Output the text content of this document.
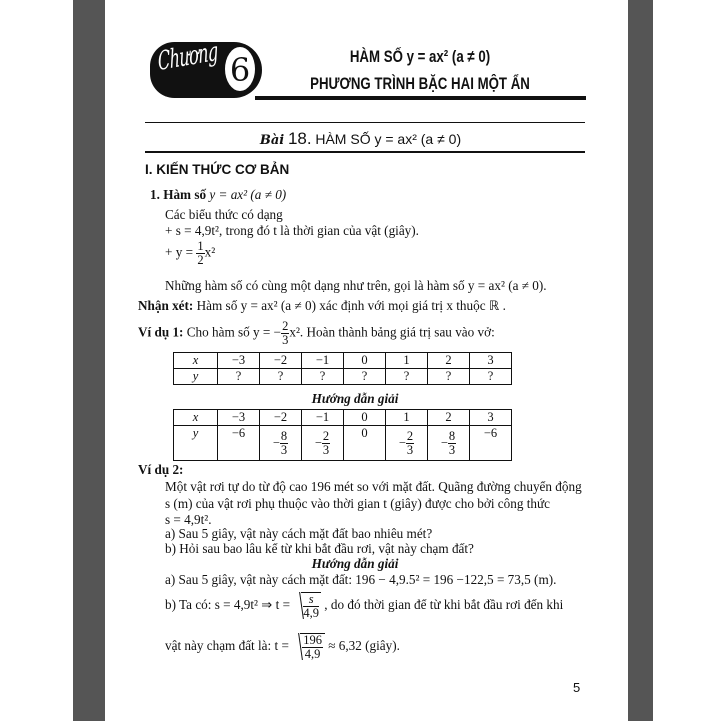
Chương 6	HÀM SỐ y = ax² (a ≠ 0)
PHƯƠNG TRÌNH BẶC HAI MỘT ẨN
Bài 18. HÀM SỐ y = ax² (a ≠ 0)
I. KIẾN THỨC CƠ BẢN
1. Hàm số y = ax² (a ≠ 0)
Các biểu thức có dạng
+ s = 4,9t², trong đó t là thời gian của vật (giây).
+ $y = \frac{1}{2} x^2$
Những hàm số có cùng một dạng như trên, gọi là hàm số y = ax² (a ≠ 0).
Nhận xét: Hàm số y = ax² (a ≠ 0) xác định với mọi giá trị x thuộc ℝ .
Ví dụ 1: Cho hàm số y = − $\frac{2}{3} x^2$. Hoàn thành bảng giá trị sau vào vở:
x	−3	−2	−1	0	1	2	3
y	?	?	?	?	?	?	?
Hướng dẫn giải
x	−3	−2	−1	0	1	2	3
y	−6	− $\frac{8}{3}$	− $\frac{2}{3}$	0	− $\frac{2}{3}$	− $\frac{8}{3}$	−6
Ví dụ 2:
Một vật rơi tự do từ độ cao 196 mét so với mặt đất. Quãng đường chuyển động
s (m) của vật rơi phụ thuộc vào thời gian t (giây) được cho bởi công thức
s = 4,9t².
a) Sau 5 giây, vật này cách mặt đất bao nhiêu mét?
b) Hỏi sau bao lâu kể từ khi bắt đầu rơi, vật này chạm đất?
Hướng dẫn giải
a) Sau 5 giây, vật này cách mặt đất: 196 − 4,9.5² = 196 −122,5 = 73,5 (m).
b) Ta có: s = 4,9t² ⇒ $t = \frac{s}{4,9}$ , do đó thời gian để từ khi bắt đầu rơi đến khi
vật này chạm đất là: $t = \frac{196}{4,9} \approx 6,32$ (giây).
5
